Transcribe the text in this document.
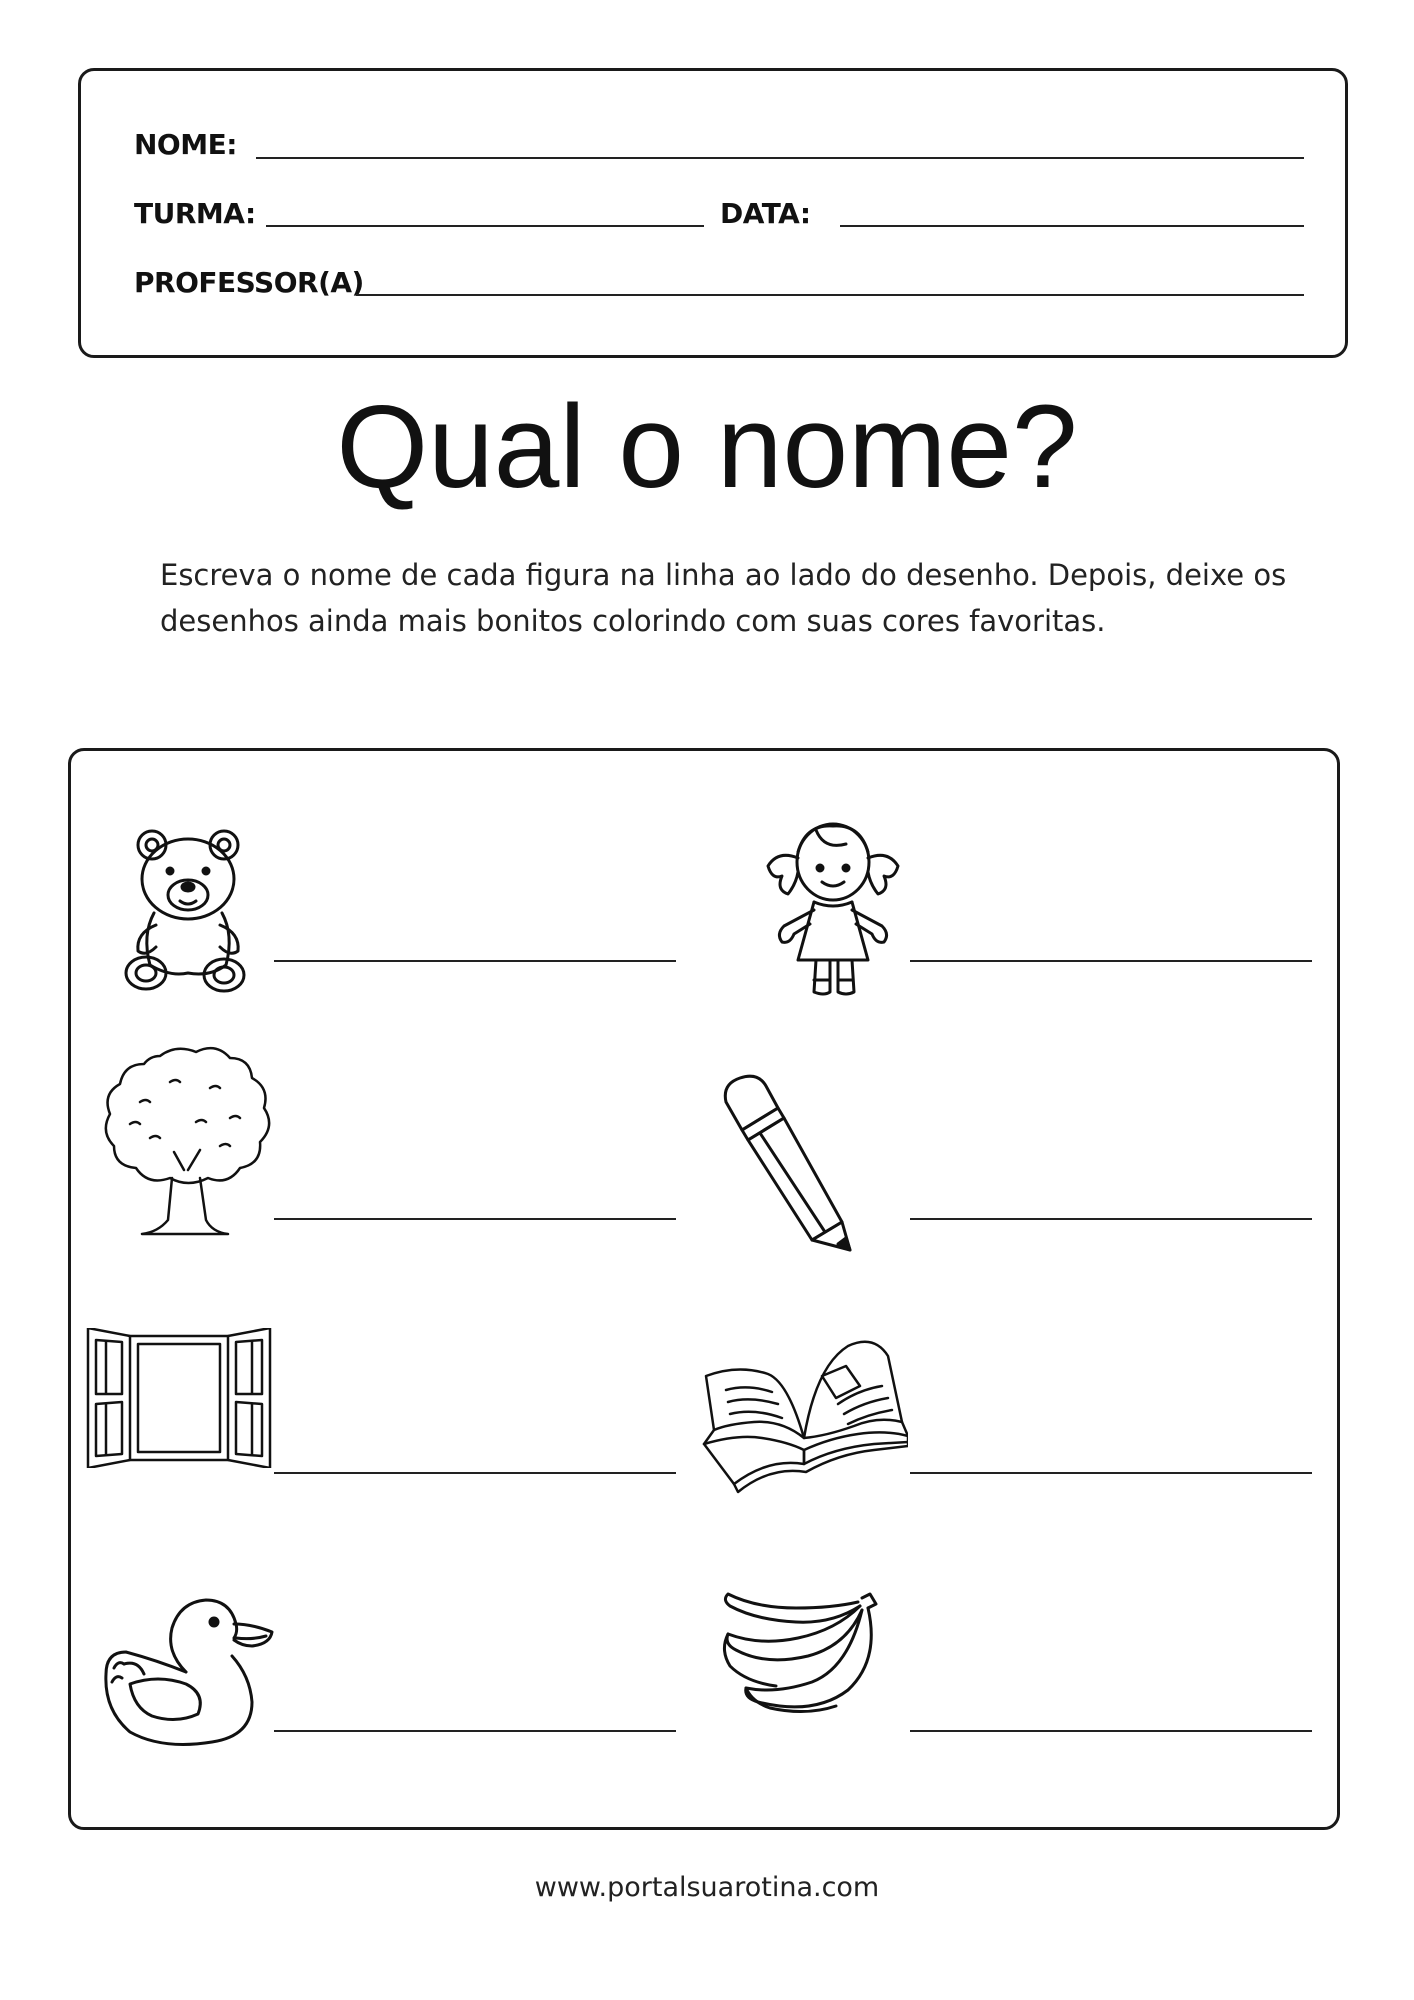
NOME:
TURMA:	DATA:
PROFESSOR(A)
Qual o nome?
Escreva o nome de cada figura na linha ao lado do desenho. Depois, deixe os desenhos ainda mais bonitos colorindo com suas cores favoritas.
www.portalsuarotina.com
